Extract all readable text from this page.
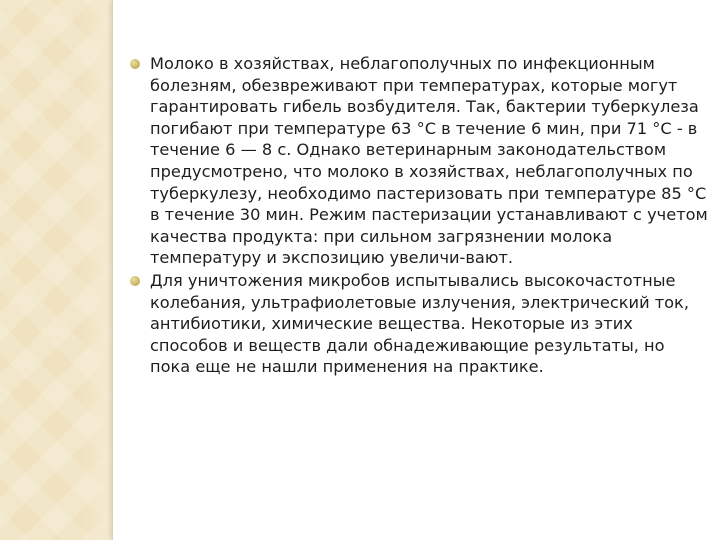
Молоко в хозяйствах, неблагополучных по инфекционным болезням, обезвреживают при температурах, которые могут гарантировать гибель возбудителя. Так, бактерии туберкулеза погибают при температуре 63 °С в течение 6 мин, при 71 °С - в течение 6 — 8 с. Однако ветеринарным законодательством предусмотрено, что молоко в хозяйствах, неблагополучных по туберкулезу, необходимо пастеризовать при температуре 85 °С в течение 30 мин. Режим пастеризации устанавливают с учетом качества продукта: при сильном загрязнении молока температуру и экспозицию увеличи-вают.
Для уничтожения микробов испытывались высокочастотные колебания, ультрафиолетовые излучения, электрический ток, антибиотики, химические вещества. Некоторые из этих способов и веществ дали обнадеживающие результаты, но пока еще не нашли применения на практике.
